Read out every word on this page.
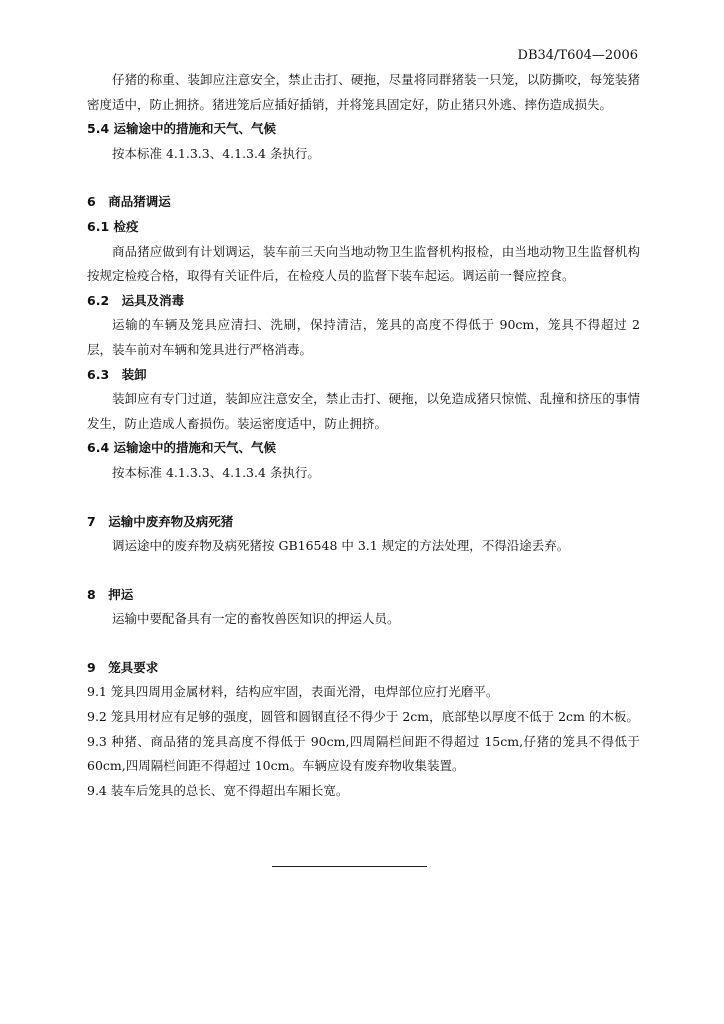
DB34/T604—2006

仔猪的称重、装卸应注意安全，禁止击打、硬拖，尽量将同群猪装一只笼，以防撕咬，每笼装猪密度适中，防止拥挤。猪进笼后应插好插销，并将笼具固定好，防止猪只外逃、摔伤造成损失。

5.4 运输途中的措施和天气、气候

按本标准 4.1.3.3、4.1.3.4 条执行。

6　商品猪调运

6.1 检疫

商品猪应做到有计划调运，装车前三天向当地动物卫生监督机构报检，由当地动物卫生监督机构按规定检疫合格，取得有关证件后，在检疫人员的监督下装车起运。调运前一餐应控食。

6.2　运具及消毒

运输的车辆及笼具应清扫、洗刷，保持清洁，笼具的高度不得低于 90cm，笼具不得超过 2 层，装车前对车辆和笼具进行严格消毒。

6.3　装卸

装卸应有专门过道，装卸应注意安全，禁止击打、硬拖，以免造成猪只惊慌、乱撞和挤压的事情发生，防止造成人畜损伤。装运密度适中，防止拥挤。

6.4 运输途中的措施和天气、气候

按本标准 4.1.3.3、4.1.3.4 条执行。

7　运输中废弃物及病死猪

调运途中的废弃物及病死猪按 GB16548 中 3.1 规定的方法处理，不得沿途丢弃。

8　押运

运输中要配备具有一定的畜牧兽医知识的押运人员。

9　笼具要求

9.1 笼具四周用金属材料，结构应牢固，表面光滑，电焊部位应打光磨平。

9.2 笼具用材应有足够的强度，圆管和圆钢直径不得少于 2cm，底部垫以厚度不低于 2cm 的木板。

9.3 种猪、商品猪的笼具高度不得低于 90cm,四周隔栏间距不得超过 15cm,仔猪的笼具不得低于 60cm,四周隔栏间距不得超过 10cm。车辆应设有废弃物收集装置。

9.4 装车后笼具的总长、宽不得超出车厢长宽。
